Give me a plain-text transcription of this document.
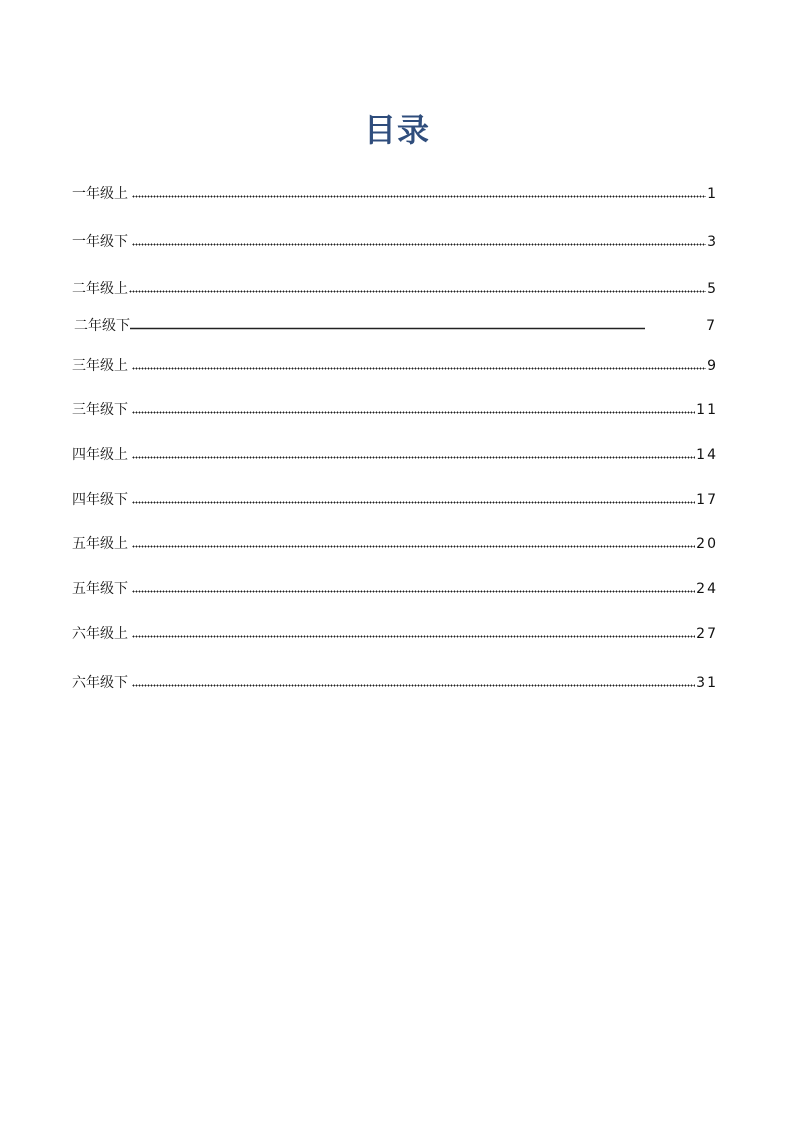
目录
一年级上	1
一年级下	3
二年级上	5
二年级下	7
三年级上	9
三年级下	11
四年级上	14
四年级下	17
五年级上	20
五年级下	24
六年级上	27
六年级下	31
